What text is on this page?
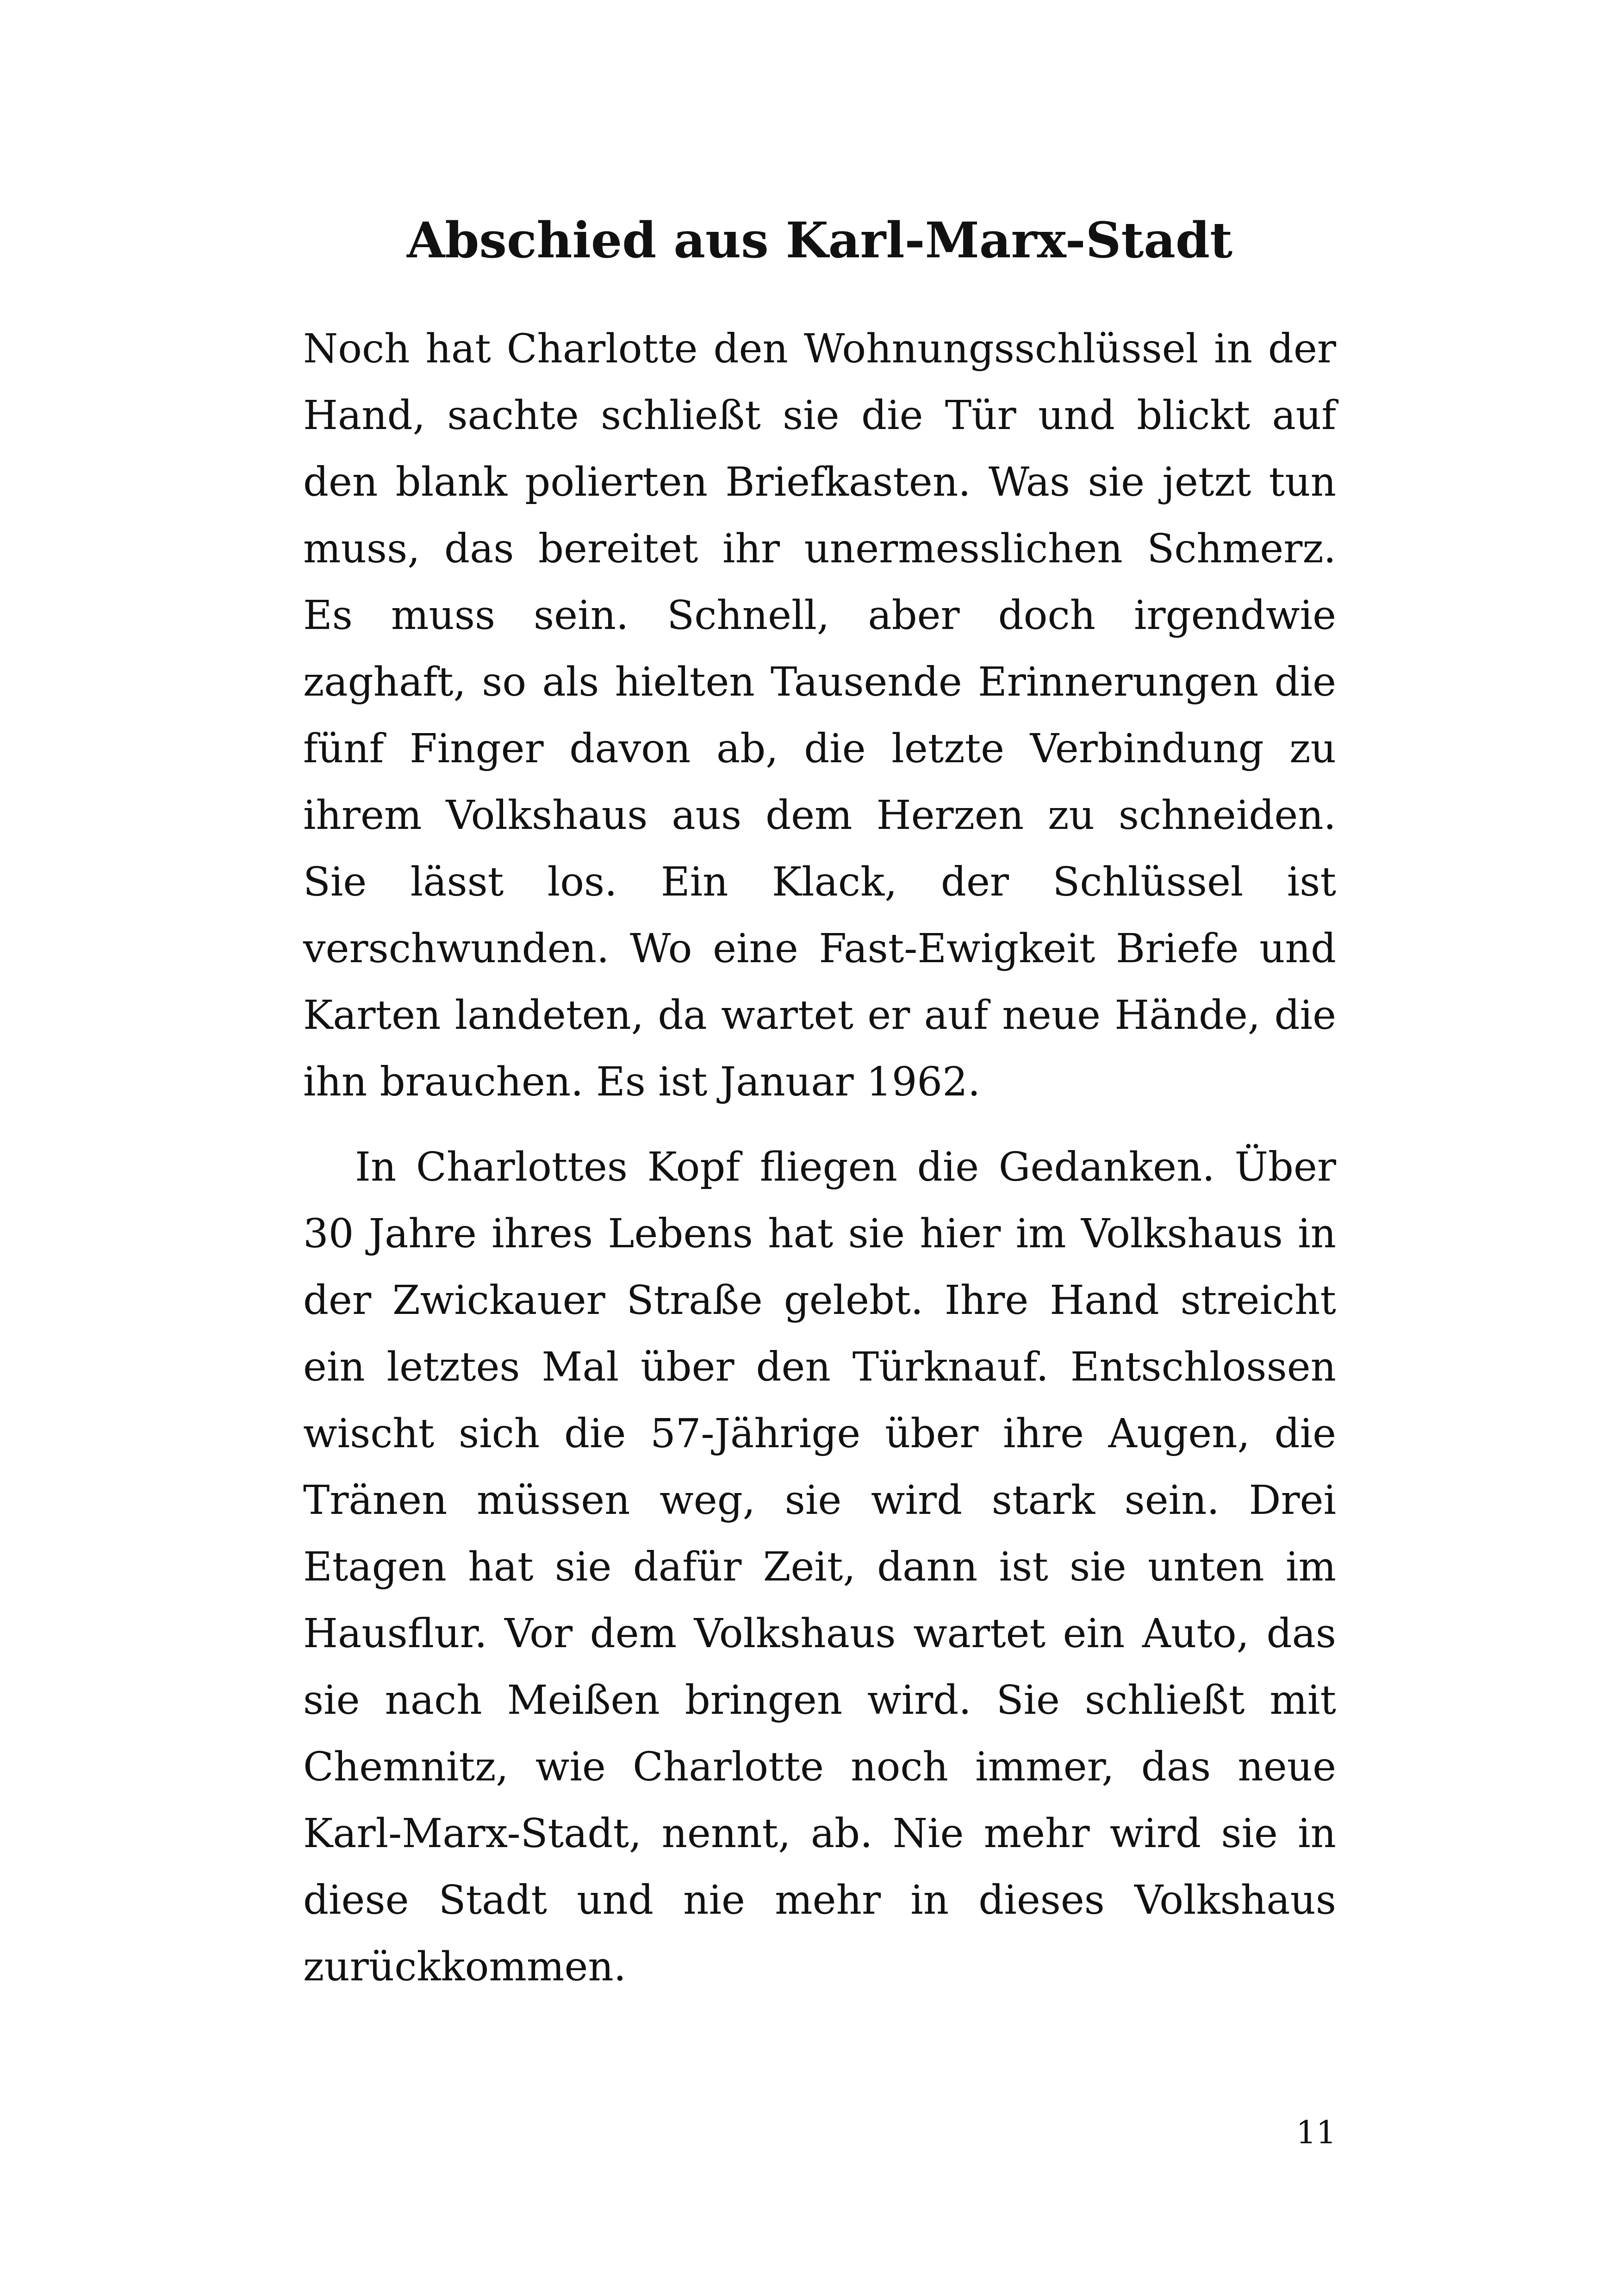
Abschied aus Karl-Marx-Stadt

Noch hat Charlotte den Wohnungsschlüssel in der Hand, sachte schließt sie die Tür und blickt auf den blank polierten Briefkasten. Was sie jetzt tun muss, das bereitet ihr unermesslichen Schmerz. Es muss sein. Schnell, aber doch irgendwie zaghaft, so als hielten Tausende Erinnerungen die fünf Finger davon ab, die letzte Verbindung zu ihrem Volkshaus aus dem Herzen zu schneiden. Sie lässt los. Ein Klack, der Schlüssel ist verschwunden. Wo eine Fast-Ewigkeit Briefe und Karten landeten, da wartet er auf neue Hände, die ihn brauchen. Es ist Januar 1962.

In Charlottes Kopf fliegen die Gedanken. Über 30 Jahre ihres Lebens hat sie hier im Volkshaus in der Zwickauer Straße gelebt. Ihre Hand streicht ein letztes Mal über den Türknauf. Entschlossen wischt sich die 57-Jährige über ihre Augen, die Tränen müssen weg, sie wird stark sein. Drei Etagen hat sie dafür Zeit, dann ist sie unten im Hausflur. Vor dem Volkshaus wartet ein Auto, das sie nach Meißen bringen wird. Sie schließt mit Chemnitz, wie Charlotte noch immer, das neue Karl-Marx-Stadt, nennt, ab. Nie mehr wird sie in diese Stadt und nie mehr in dieses Volkshaus zurückkommen.

11
